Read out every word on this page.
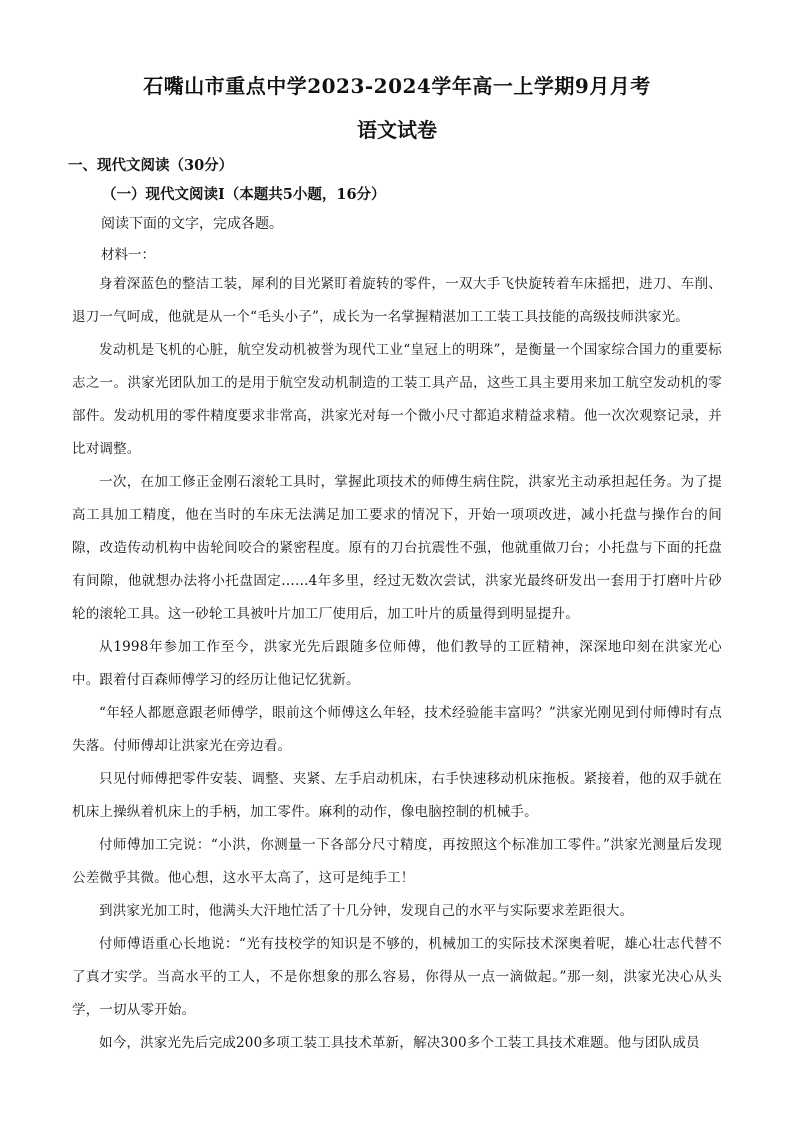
石嘴山市重点中学2023-2024学年高一上学期9月月考
语文试卷
一、现代文阅读（30分）
（一）现代文阅读Ⅰ（本题共5小题，16分）
阅读下面的文字，完成各题。
材料一：

身着深蓝色的整洁工装，犀利的目光紧盯着旋转的零件，一双大手飞快旋转着车床摇把，进刀、车削、退刀一气呵成，他就是从一个“毛头小子”，成长为一名掌握精湛加工工装工具技能的高级技师洪家光。

发动机是飞机的心脏，航空发动机被誉为现代工业“皇冠上的明珠”，是衡量一个国家综合国力的重要标志之一。洪家光团队加工的是用于航空发动机制造的工装工具产品，这些工具主要用来加工航空发动机的零部件。发动机用的零件精度要求非常高，洪家光对每一个微小尺寸都追求精益求精。他一次次观察记录，并比对调整。

一次，在加工修正金刚石滚轮工具时，掌握此项技术的师傅生病住院，洪家光主动承担起任务。为了提高工具加工精度，他在当时的车床无法满足加工要求的情况下，开始一项项改进，减小托盘与操作台的间隙，改造传动机构中齿轮间咬合的紧密程度。原有的刀台抗震性不强，他就重做刀台；小托盘与下面的托盘有间隙，他就想办法将小托盘固定……4年多里，经过无数次尝试，洪家光最终研发出一套用于打磨叶片砂轮的滚轮工具。这一砂轮工具被叶片加工厂使用后，加工叶片的质量得到明显提升。

从1998年参加工作至今，洪家光先后跟随多位师傅，他们教导的工匠精神，深深地印刻在洪家光心中。跟着付百森师傅学习的经历让他记忆犹新。

“年轻人都愿意跟老师傅学，眼前这个师傅这么年轻，技术经验能丰富吗？”洪家光刚见到付师傅时有点失落。付师傅却让洪家光在旁边看。

只见付师傅把零件安装、调整、夹紧、左手启动机床，右手快速移动机床拖板。紧接着，他的双手就在机床上操纵着机床上的手柄，加工零件。麻利的动作，像电脑控制的机械手。

付师傅加工完说：“小洪，你测量一下各部分尺寸精度，再按照这个标准加工零件。”洪家光测量后发现公差微乎其微。他心想，这水平太高了，这可是纯手工！

到洪家光加工时，他满头大汗地忙活了十几分钟，发现自己的水平与实际要求差距很大。

付师傅语重心长地说：“光有技校学的知识是不够的，机械加工的实际技术深奥着呢，雄心壮志代替不了真才实学。当高水平的工人，不是你想象的那么容易，你得从一点一滴做起。”那一刻，洪家光决心从头学，一切从零开始。

如今，洪家光先后完成200多项工装工具技术革新，解决300多个工装工具技术难题。他与团队成员
